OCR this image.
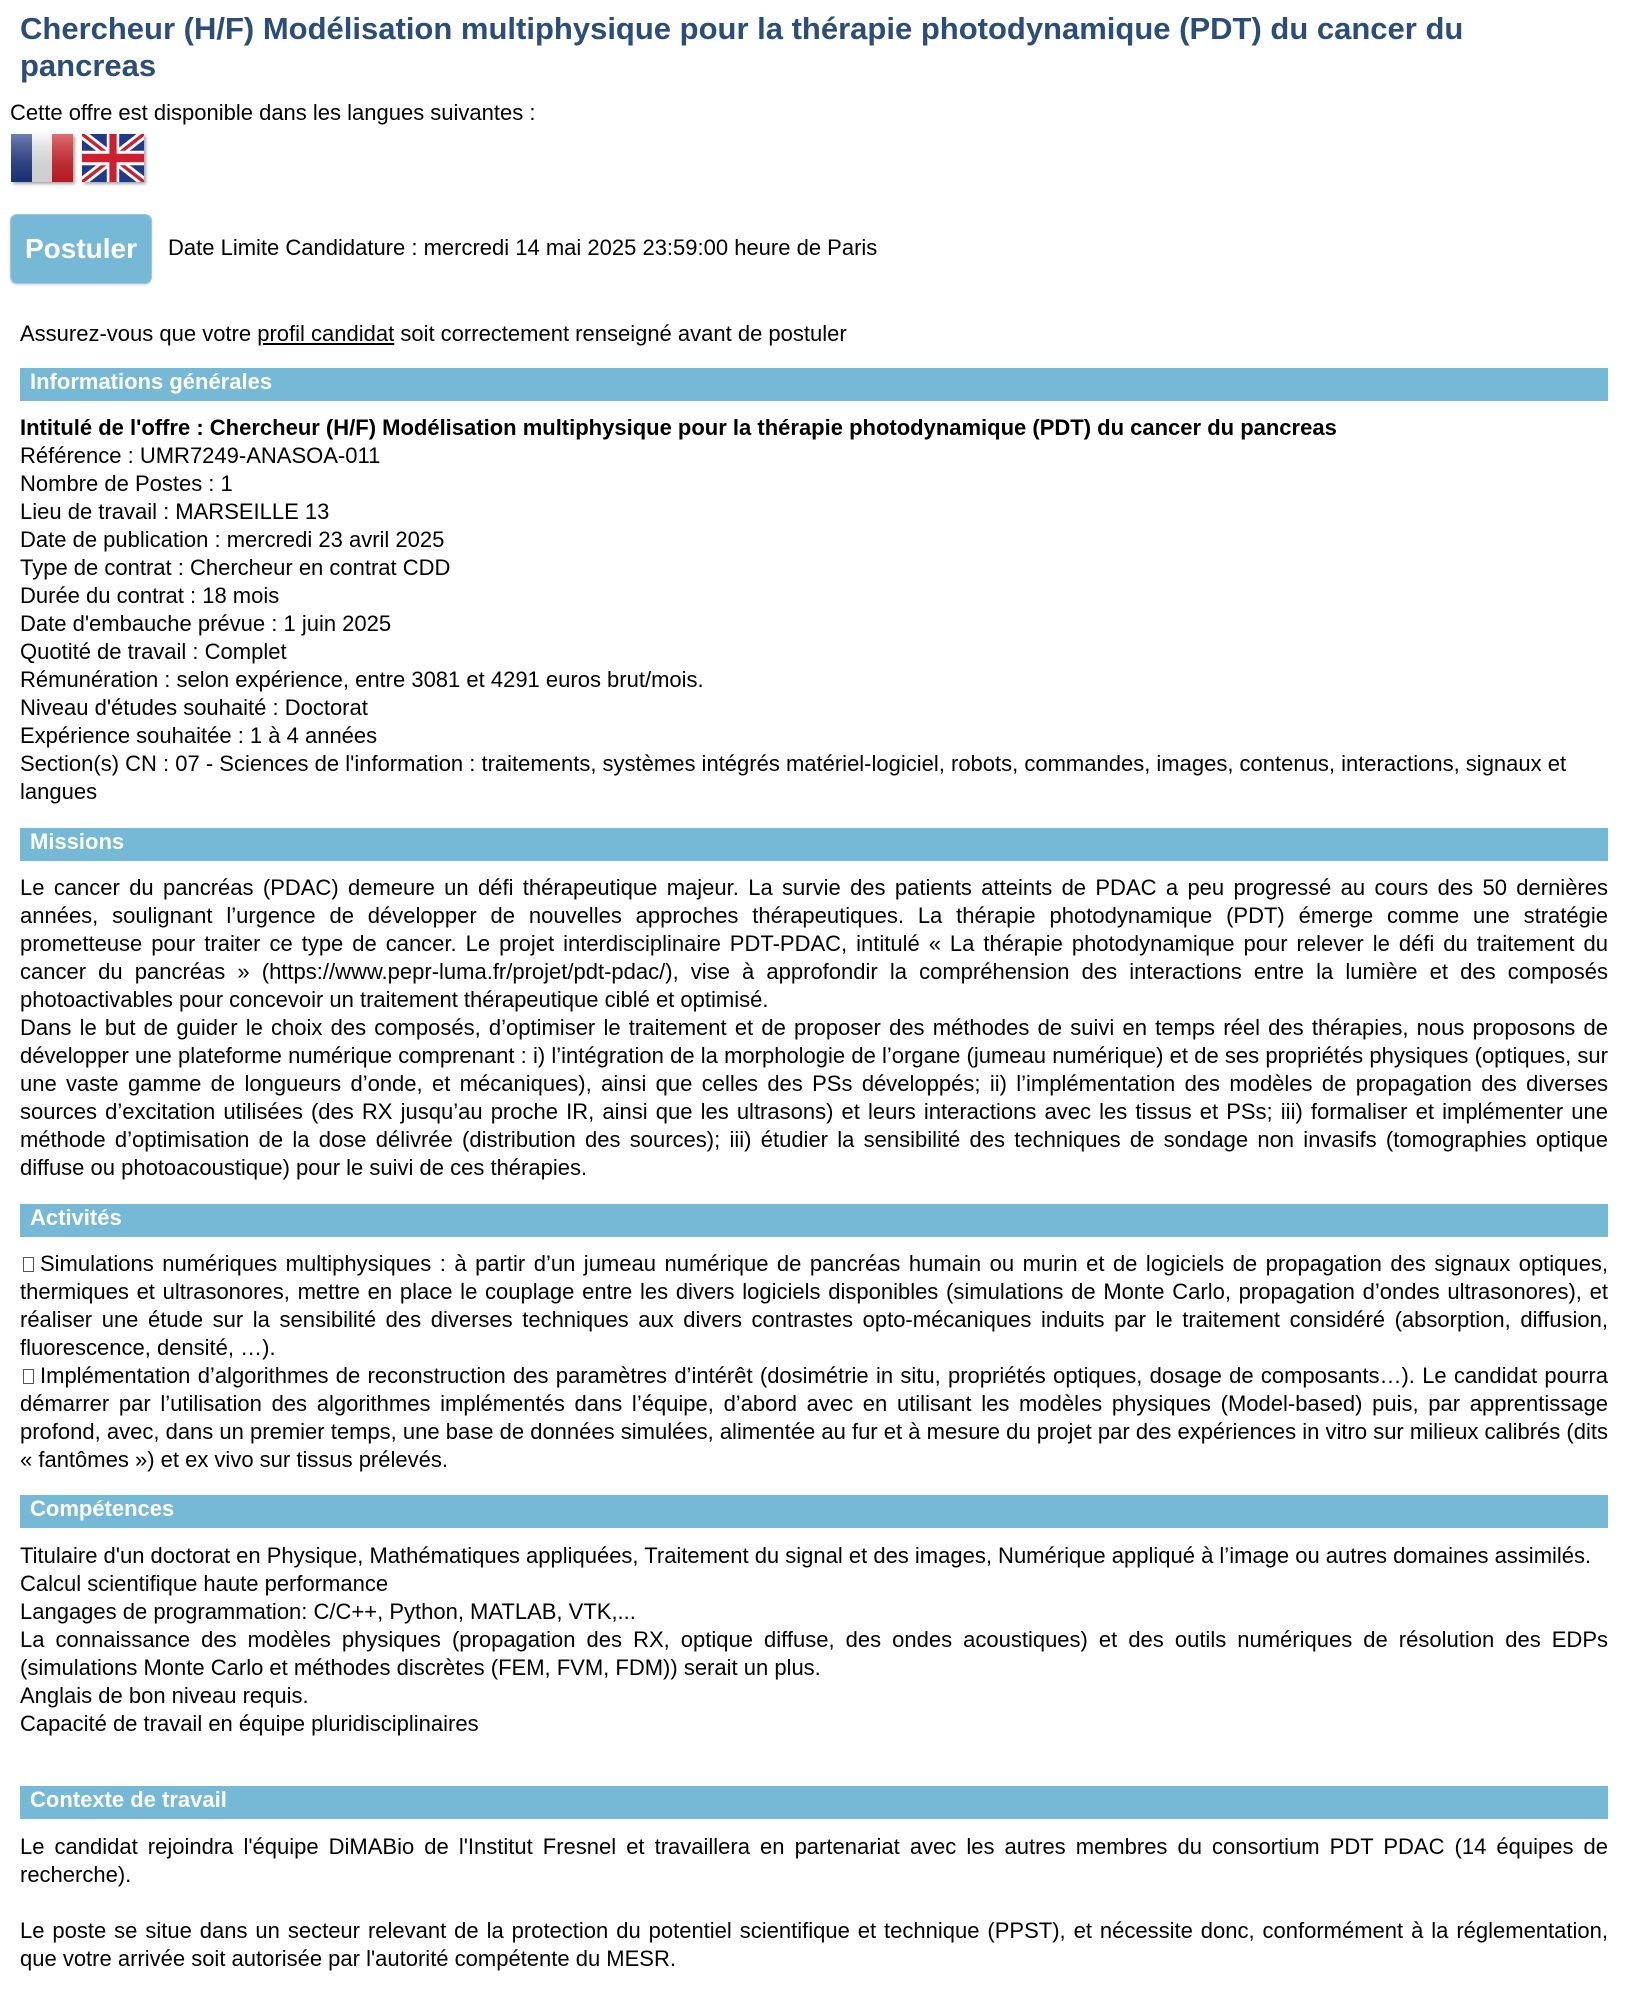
Chercheur (H/F) Modélisation multiphysique pour la thérapie photodynamique (PDT) du cancer du pancreas

Cette offre est disponible dans les langues suivantes :

Postuler	Date Limite Candidature : mercredi 14 mai 2025 23:59:00 heure de Paris
Assurez-vous que votre profil candidat soit correctement renseigné avant de postuler
Informations générales
Intitulé de l'offre : Chercheur (H/F) Modélisation multiphysique pour la thérapie photodynamique (PDT) du cancer du pancreas
Référence : UMR7249-ANASOA-011
Nombre de Postes : 1
Lieu de travail : MARSEILLE 13
Date de publication : mercredi 23 avril 2025
Type de contrat : Chercheur en contrat CDD
Durée du contrat : 18 mois
Date d'embauche prévue : 1 juin 2025
Quotité de travail : Complet
Rémunération : selon expérience, entre 3081 et 4291 euros brut/mois.
Niveau d'études souhaité : Doctorat
Expérience souhaitée : 1 à 4 années
Section(s) CN : 07 - Sciences de l'information : traitements, systèmes intégrés matériel-logiciel, robots, commandes, images, contenus, interactions, signaux et langues
Missions

Le cancer du pancréas (PDAC) demeure un défi thérapeutique majeur. La survie des patients atteints de PDAC a peu progressé au cours des 50 dernières années, soulignant l’urgence de développer de nouvelles approches thérapeutiques. La thérapie photodynamique (PDT) émerge comme une stratégie prometteuse pour traiter ce type de cancer. Le projet interdisciplinaire PDT-PDAC, intitulé « La thérapie photodynamique pour relever le défi du traitement du cancer du pancréas » (https://www.pepr-luma.fr/projet/pdt-pdac/), vise à approfondir la compréhension des interactions entre la lumière et des composés photoactivables pour concevoir un traitement thérapeutique ciblé et optimisé.

Dans le but de guider le choix des composés, d’optimiser le traitement et de proposer des méthodes de suivi en temps réel des thérapies, nous proposons de développer une plateforme numérique comprenant : i) l’intégration de la morphologie de l’organe (jumeau numérique) et de ses propriétés physiques (optiques, sur une vaste gamme de longueurs d’onde, et mécaniques), ainsi que celles des PSs développés; ii) l’implémentation des modèles de propagation des diverses sources d’excitation utilisées (des RX jusqu’au proche IR, ainsi que les ultrasons) et leurs interactions avec les tissus et PSs; iii) formaliser et implémenter une méthode d’optimisation de la dose délivrée (distribution des sources); iii) étudier la sensibilité des techniques de sondage non invasifs (tomographies optique diffuse ou photoacoustique) pour le suivi de ces thérapies.

Activités

Simulations numériques multiphysiques : à partir d’un jumeau numérique de pancréas humain ou murin et de logiciels de propagation des signaux optiques, thermiques et ultrasonores, mettre en place le couplage entre les divers logiciels disponibles (simulations de Monte Carlo, propagation d’ondes ultrasonores), et réaliser une étude sur la sensibilité des diverses techniques aux divers contrastes opto-mécaniques induits par le traitement considéré (absorption, diffusion, fluorescence, densité, …).

Implémentation d’algorithmes de reconstruction des paramètres d’intérêt (dosimétrie in situ, propriétés optiques, dosage de composants…). Le candidat pourra démarrer par l’utilisation des algorithmes implémentés dans l’équipe, d’abord avec en utilisant les modèles physiques (Model-based) puis, par apprentissage profond, avec, dans un premier temps, une base de données simulées, alimentée au fur et à mesure du projet par des expériences in vitro sur milieux calibrés (dits « fantômes ») et ex vivo sur tissus prélevés.

Compétences

Titulaire d'un doctorat en Physique, Mathématiques appliquées, Traitement du signal et des images, Numérique appliqué à l’image ou autres domaines assimilés.

Calcul scientifique haute performance

Langages de programmation: C/C++, Python, MATLAB, VTK,...

La connaissance des modèles physiques (propagation des RX, optique diffuse, des ondes acoustiques) et des outils numériques de résolution des EDPs (simulations Monte Carlo et méthodes discrètes (FEM, FVM, FDM)) serait un plus.

Anglais de bon niveau requis.

Capacité de travail en équipe pluridisciplinaires

Contexte de travail

Le candidat rejoindra l'équipe DiMABio de l'Institut Fresnel et travaillera en partenariat avec les autres membres du consortium PDT PDAC (14 équipes de recherche).

Le poste se situe dans un secteur relevant de la protection du potentiel scientifique et technique (PPST), et nécessite donc, conformément à la réglementation, que votre arrivée soit autorisée par l'autorité compétente du MESR.
